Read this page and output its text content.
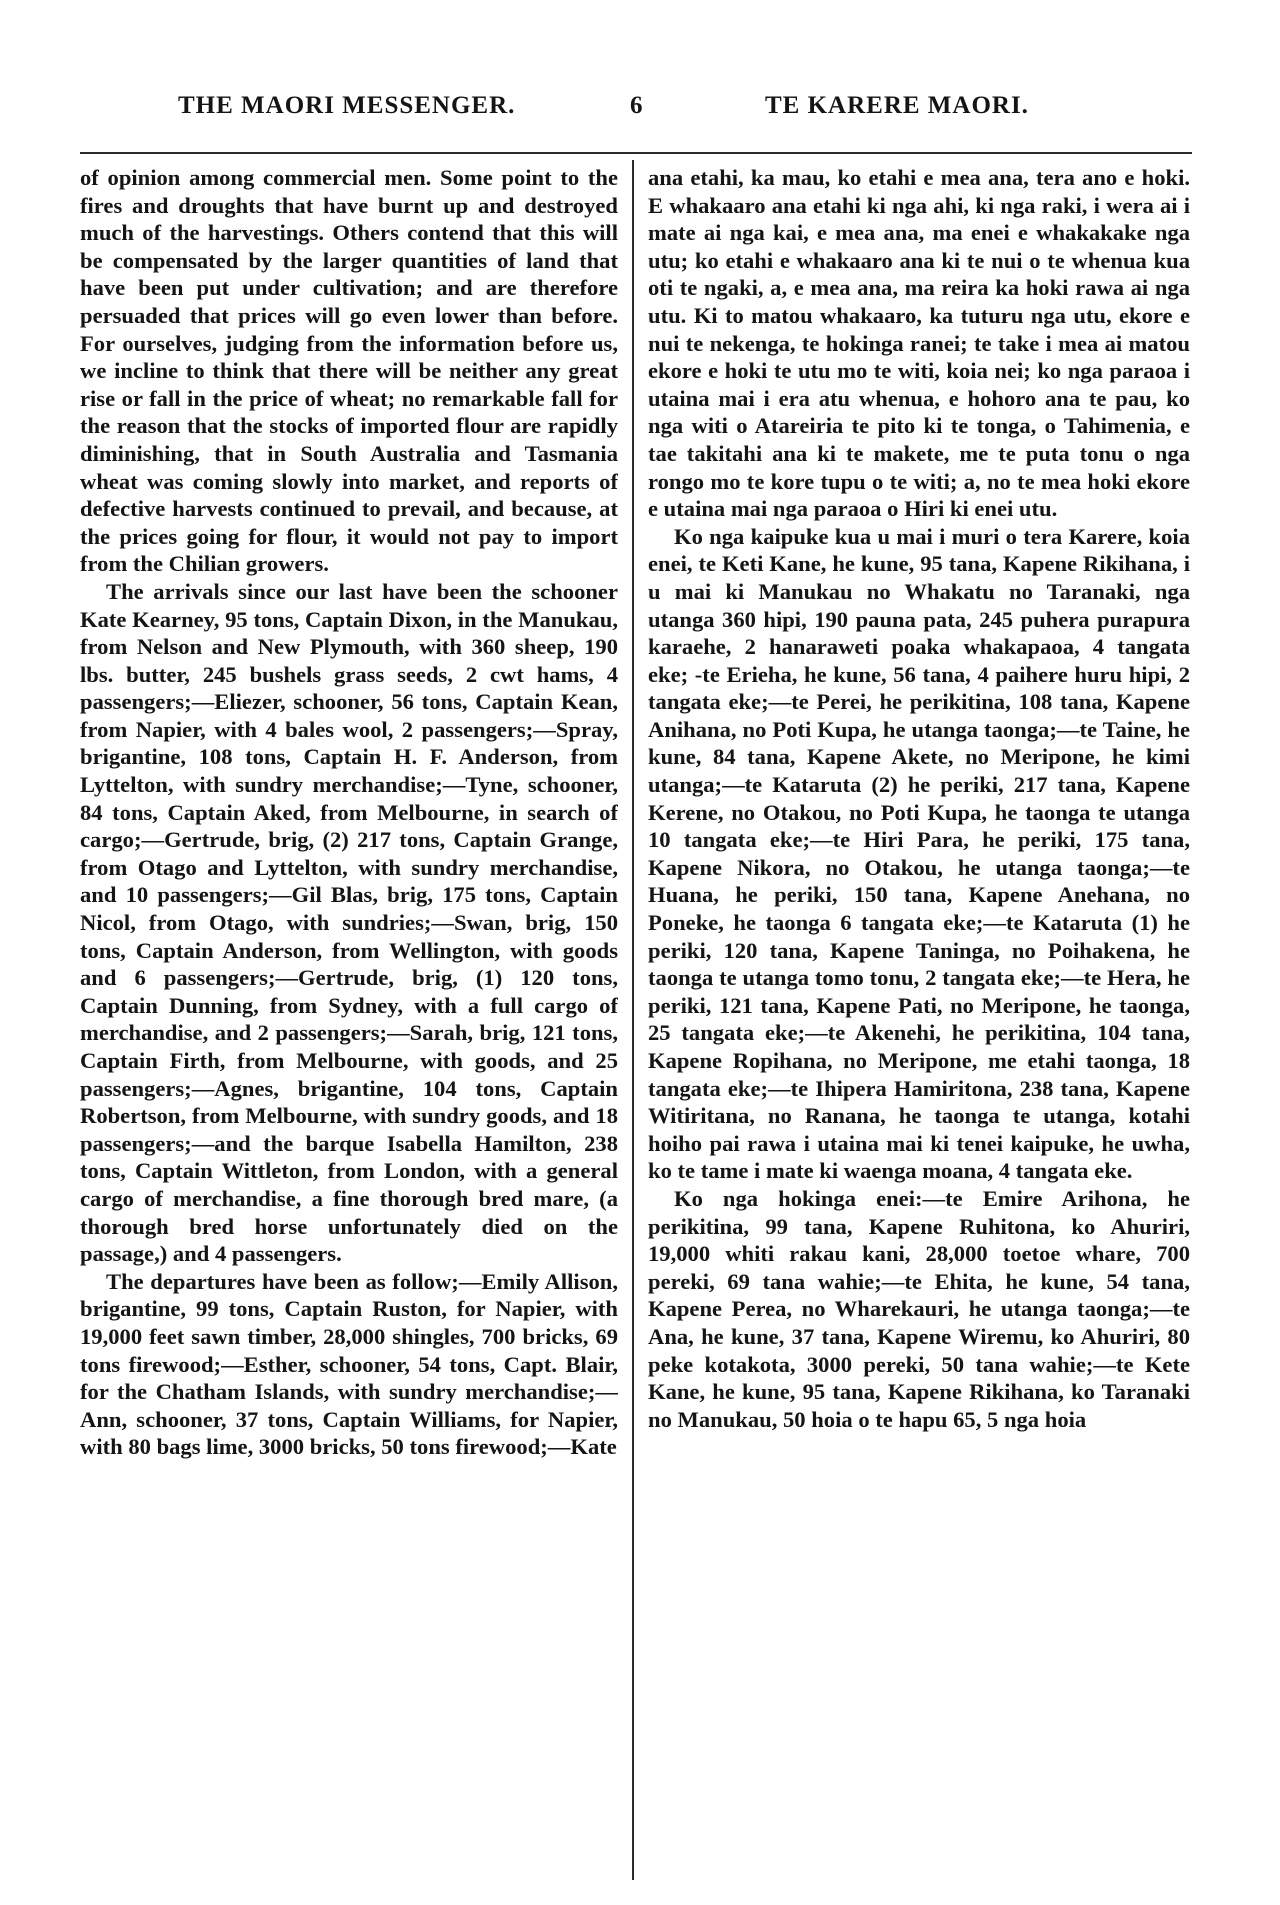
THE MAORI MESSENGER.	6	TE KARERE MAORI.

of opinion among commercial men. Some point to the fires and droughts that have burnt up and destroyed much of the harvestings. Others contend that this will be compensated by the larger quantities of land that have been put under cultivation; and are therefore persuaded that prices will go even lower than before. For ourselves, judging from the information before us, we incline to think that there will be neither any great rise or fall in the price of wheat; no remarkable fall for the reason that the stocks of imported flour are rapidly diminishing, that in South Australia and Tasmania wheat was coming slowly into market, and reports of defective harvests continued to prevail, and because, at the prices going for flour, it would not pay to import from the Chilian growers.

The arrivals since our last have been the schooner Kate Kearney, 95 tons, Captain Dixon, in the Manukau, from Nelson and New Plymouth, with 360 sheep, 190 lbs. butter, 245 bushels grass seeds, 2 cwt hams, 4 passengers;—Eliezer, schooner, 56 tons, Captain Kean, from Napier, with 4 bales wool, 2 passengers;—Spray, brigantine, 108 tons, Captain H. F. Anderson, from Lyttelton, with sundry merchandise;—Tyne, schooner, 84 tons, Captain Aked, from Melbourne, in search of cargo;—Gertrude, brig, (2) 217 tons, Captain Grange, from Otago and Lyttelton, with sundry merchandise, and 10 passengers;—Gil Blas, brig, 175 tons, Captain Nicol, from Otago, with sundries;—Swan, brig, 150 tons, Captain Anderson, from Wellington, with goods and 6 passengers;—Gertrude, brig, (1) 120 tons, Captain Dunning, from Sydney, with a full cargo of merchandise, and 2 passengers;—Sarah, brig, 121 tons, Captain Firth, from Melbourne, with goods, and 25 passengers;—Agnes, brigantine, 104 tons, Captain Robertson, from Melbourne, with sundry goods, and 18 passengers;—and the barque Isabella Hamilton, 238 tons, Captain Wittleton, from London, with a general cargo of merchandise, a fine thorough bred mare, (a thorough bred horse unfortunately died on the passage,) and 4 passengers.

The departures have been as follow;—Emily Allison, brigantine, 99 tons, Captain Ruston, for Napier, with 19,000 feet sawn timber, 28,000 shingles, 700 bricks, 69 tons firewood;—Esther, schooner, 54 tons, Capt. Blair, for the Chatham Islands, with sundry merchandise;—Ann, schooner, 37 tons, Captain Williams, for Napier, with 80 bags lime, 3000 bricks, 50 tons firewood;—Kate

ana etahi, ka mau, ko etahi e mea ana, tera ano e hoki. E whakaaro ana etahi ki nga ahi, ki nga raki, i wera ai i mate ai nga kai, e mea ana, ma enei e whakakake nga utu; ko etahi e whakaaro ana ki te nui o te whenua kua oti te ngaki, a, e mea ana, ma reira ka hoki rawa ai nga utu. Ki to matou whakaaro, ka tuturu nga utu, ekore e nui te nekenga, te hokinga ranei; te take i mea ai matou ekore e hoki te utu mo te witi, koia nei; ko nga paraoa i utaina mai i era atu whenua, e hohoro ana te pau, ko nga witi o Atareiria te pito ki te tonga, o Tahimenia, e tae takitahi ana ki te makete, me te puta tonu o nga rongo mo te kore tupu o te witi; a, no te mea hoki ekore e utaina mai nga paraoa o Hiri ki enei utu.

Ko nga kaipuke kua u mai i muri o tera Karere, koia enei, te Keti Kane, he kune, 95 tana, Kapene Rikihana, i u mai ki Manukau no Whakatu no Taranaki, nga utanga 360 hipi, 190 pauna pata, 245 puhera purapura karaehe, 2 hanaraweti poaka whakapaoa, 4 tangata eke; -te Erieha, he kune, 56 tana, 4 paihere huru hipi, 2 tangata eke;—te Perei, he perikitina, 108 tana, Kapene Anihana, no Poti Kupa, he utanga taonga;—te Taine, he kune, 84 tana, Kapene Akete, no Meripone, he kimi utanga;—te Kataruta (2) he periki, 217 tana, Kapene Kerene, no Otakou, no Poti Kupa, he taonga te utanga 10 tangata eke;—te Hiri Para, he periki, 175 tana, Kapene Nikora, no Otakou, he utanga taonga;—te Huana, he periki, 150 tana, Kapene Anehana, no Poneke, he taonga 6 tangata eke;—te Kataruta (1) he periki, 120 tana, Kapene Taninga, no Poihakena, he taonga te utanga tomo tonu, 2 tangata eke;—te Hera, he periki, 121 tana, Kapene Pati, no Meripone, he taonga, 25 tangata eke;—te Akenehi, he perikitina, 104 tana, Kapene Ropihana, no Meripone, me etahi taonga, 18 tangata eke;—te Ihipera Hamiritona, 238 tana, Kapene Witiritana, no Ranana, he taonga te utanga, kotahi hoiho pai rawa i utaina mai ki tenei kaipuke, he uwha, ko te tame i mate ki waenga moana, 4 tangata eke.

Ko nga hokinga enei:—te Emire Arihona, he perikitina, 99 tana, Kapene Ruhitona, ko Ahuriri, 19,000 whiti rakau kani, 28,000 toetoe whare, 700 pereki, 69 tana wahie;—te Ehita, he kune, 54 tana, Kapene Perea, no Wharekauri, he utanga taonga;—te Ana, he kune, 37 tana, Kapene Wiremu, ko Ahuriri, 80 peke kotakota, 3000 pereki, 50 tana wahie;—te Kete Kane, he kune, 95 tana, Kapene Rikihana, ko Taranaki no Manukau, 50 hoia o te hapu 65, 5 nga hoia
